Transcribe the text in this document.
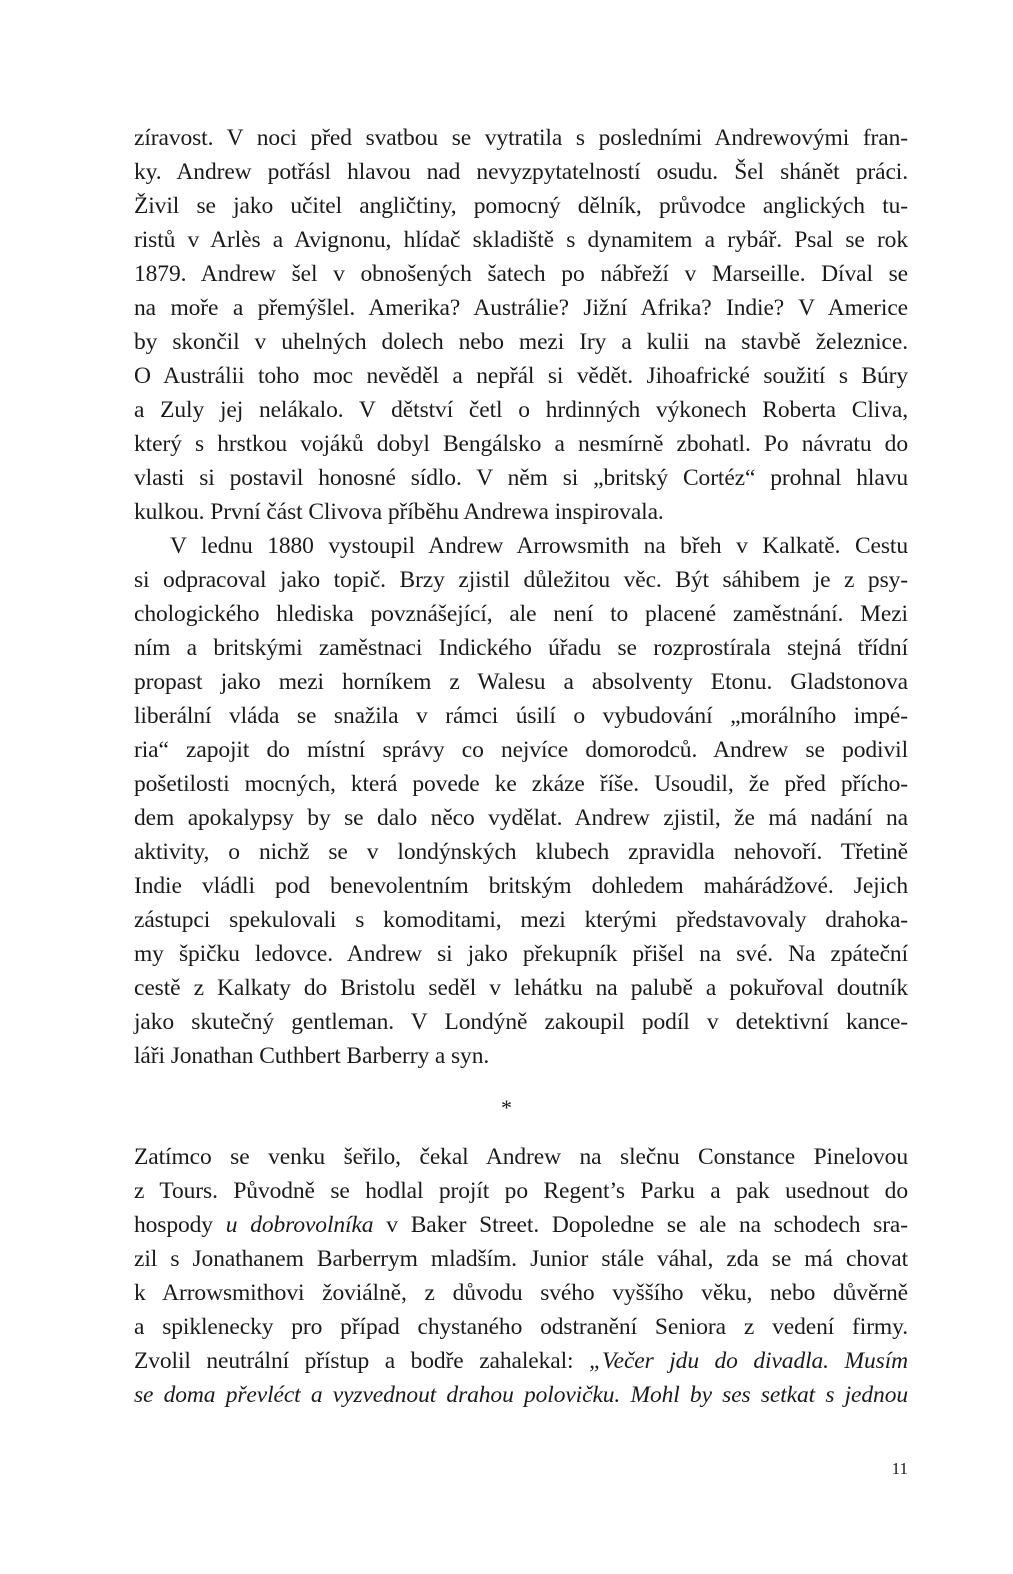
zíravost. V noci před svatbou se vytratila s posledními Andrewovými fran-
ky. Andrew potřásl hlavou nad nevyzpytatelností osudu. Šel shánět práci.
Živil se jako učitel angličtiny, pomocný dělník, průvodce anglických tu-
ristů v Arlès a Avignonu, hlídač skladiště s dynamitem a rybář. Psal se rok
1879. Andrew šel v obnošených šatech po nábřeží v Marseille. Díval se
na moře a přemýšlel. Amerika? Austrálie? Jižní Afrika? Indie? V Americe
by skončil v uhelných dolech nebo mezi Iry a kulii na stavbě železnice.
O Austrálii toho moc nevěděl a nepřál si vědět. Jihoafrické soužití s Búry
a Zuly jej nelákalo. V dětství četl o hrdinných výkonech Roberta Cliva,
který s hrstkou vojáků dobyl Bengálsko a nesmírně zbohatl. Po návratu do
vlasti si postavil honosné sídlo. V něm si „britský Cortéz“ prohnal hlavu
kulkou. První část Clivova příběhu Andrewa inspirovala.
V lednu 1880 vystoupil Andrew Arrowsmith na břeh v Kalkatě. Cestu
si odpracoval jako topič. Brzy zjistil důležitou věc. Být sáhibem je z psy-
chologického hlediska povznášející, ale není to placené zaměstnání. Mezi
ním a britskými zaměstnaci Indického úřadu se rozprostírala stejná třídní
propast jako mezi horníkem z Walesu a absolventy Etonu. Gladstonova
liberální vláda se snažila v rámci úsilí o vybudování „morálního impé-
ria“ zapojit do místní správy co nejvíce domorodců. Andrew se podivil
pošetilosti mocných, která povede ke zkáze říše. Usoudil, že před přícho-
dem apokalypsy by se dalo něco vydělat. Andrew zjistil, že má nadání na
aktivity, o nichž se v londýnských klubech zpravidla nehovoří. Třetině
Indie vládli pod benevolentním britským dohledem mahárádžové. Jejich
zástupci spekulovali s komoditami, mezi kterými představovaly drahoka-
my špičku ledovce. Andrew si jako překupník přišel na své. Na zpáteční
cestě z Kalkaty do Bristolu seděl v lehátku na palubě a pokuřoval doutník
jako skutečný gentleman. V Londýně zakoupil podíl v detektivní kance-
láři Jonathan Cuthbert Barberry a syn.
*
Zatímco se venku šeřilo, čekal Andrew na slečnu Constance Pinelovou
z Tours. Původně se hodlal projít po Regent’s Parku a pak usednout do
hospody u dobrovolníka v Baker Street. Dopoledne se ale na schodech sra-
zil s Jonathanem Barberrym mladším. Junior stále váhal, zda se má chovat
k Arrowsmithovi žoviálně, z důvodu svého vyššího věku, nebo důvěrně
a spiklenecky pro případ chystaného odstranění Seniora z vedení firmy.
Zvolil neutrální přístup a bodře zahalekal: „Večer jdu do divadla. Musím
se doma převléct a vyzvednout drahou polovičku. Mohl by ses setkat s jednou
11
